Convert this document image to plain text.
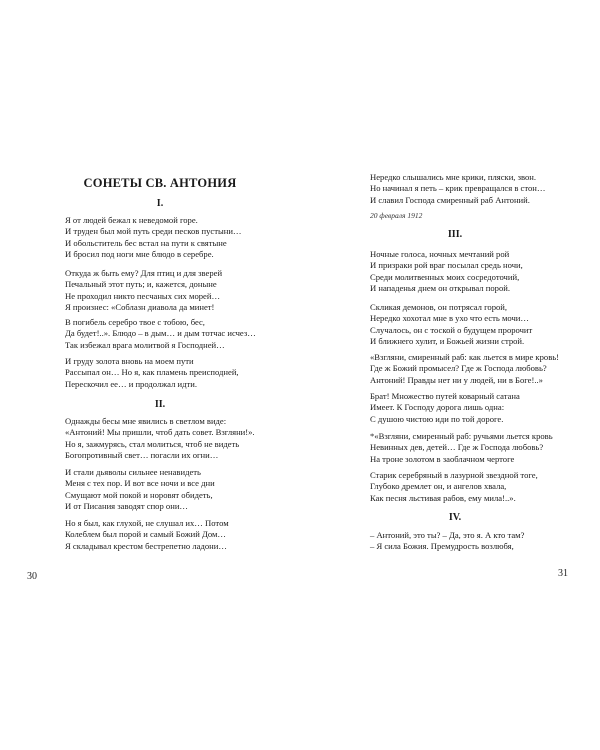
СОНЕТЫ СВ. АНТОНИЯ
I.
Я от людей бежал к неведомой горе.
И труден был мой путь среди песков пустыни…
И обольститель бес встал на пути к святыне
И бросил под ноги мне блюдо в серебре.
Откуда ж быть ему? Для птиц и для зверей
Печальный этот путь; и, кажется, доныне
Не проходил никто песчаных сих морей…
Я произнес: «Соблазн диавола да минет!
В погибель серебро твое с тобою, бес,
Да будет!..». Блюдо – в дым… и дым тотчас исчез…
Так избежал врага молитвой я Господней…
И груду золота вновь на моем пути
Рассыпал он… Но я, как пламень преисподней,
Перескочил ее… и продолжал идти.
II.
Однажды бесы мне явились в светлом виде:
«Антоний! Мы пришли, чтоб дать совет. Взгляни!».
Но я, зажмурясь, стал молиться, чтоб не видеть
Богопротивный свет… погасли их огни…
И стали дьяволы сильнее ненавидеть
Меня с тех пор. И вот все ночи и все дни
Смущают мой покой и норовят обидеть,
И от Писания заводят спор они…
Но я был, как глухой, не слушал их… Потом
Колеблем был порой и самый Божий Дом…
Я складывал крестом бестрепетно ладони…
30
Нередко слышались мне крики, пляски, звон.
Но начинал я петь – крик превращался в стон…
И славил Господа смиренный раб Антоний.
20 февраля 1912
III.
Ночные голоса, ночных мечтаний рой
И призраки рой враг посылал средь ночи,
Среди молитвенных моих сосредоточий,
И нападенья днем он открывал порой.
Скликая демонов, он потрясал горой,
Нередко хохотал мне в ухо что есть мочи…
Случалось, он с тоской о будущем пророчит
И ближнего хулит, и Божьей жизни строй.
«Взгляни, смиренный раб: как льется в мире кровь!
Где ж Божий промысел? Где ж Господа любовь?
Антоний! Правды нет ни у людей, ни в Боге!..»
Брат! Множество путей коварный сатана
Имеет. К Господу дорога лишь одна:
С душою чистою иди по той дороге.
*«Взгляни, смиренный раб: ручьями льется кровь
Невинных дев, детей… Где ж Господа любовь?
На троне золотом в заоблачном чертоге
Старик серебряный в лазурной звездной тоге,
Глубоко дремлет он, и ангелов хвала,
Как песня льстивая рабов, ему мила!..».
IV.
– Антоний, это ты? – Да, это я. А кто там?
– Я сила Божия. Премудрость возлюбя,
31
